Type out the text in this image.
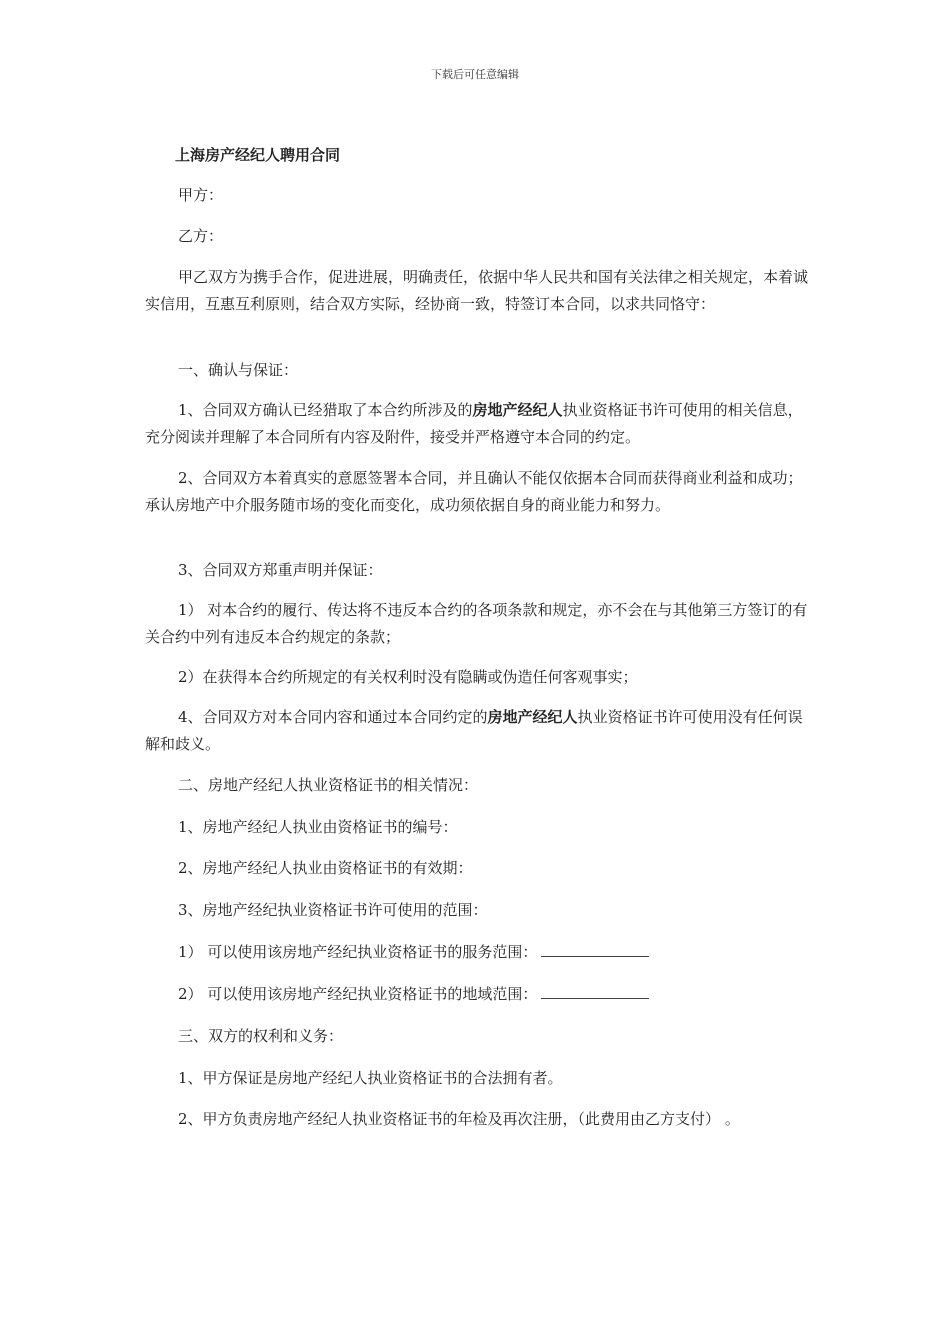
下载后可任意编辑

上海房产经纪人聘用合同

甲方：

乙方：

甲乙双方为携手合作，促进进展，明确责任，依据中华人民共和国有关法律之相关规定，本着诚实信用，互惠互利原则，结合双方实际，经协商一致，特签订本合同，以求共同恪守：

一、确认与保证：

1、合同双方确认已经猎取了本合约所涉及的房地产经纪人执业资格证书许可使用的相关信息，充分阅读并理解了本合同所有内容及附件，接受并严格遵守本合同的约定。

2、合同双方本着真实的意愿签署本合同，并且确认不能仅依据本合同而获得商业利益和成功；承认房地产中介服务随市场的变化而变化，成功须依据自身的商业能力和努力。

3、合同双方郑重声明并保证：

1） 对本合约的履行、传达将不违反本合约的各项条款和规定，亦不会在与其他第三方签订的有关合约中列有违反本合约规定的条款；

2）在获得本合约所规定的有关权利时没有隐瞒或伪造任何客观事实；

4、合同双方对本合同内容和通过本合同约定的房地产经纪人执业资格证书许可使用没有任何误解和歧义。

二、房地产经纪人执业资格证书的相关情况：

1、房地产经纪人执业由资格证书的编号：

2、房地产经纪人执业由资格证书的有效期：

3、房地产经纪执业资格证书许可使用的范围：

1） 可以使用该房地产经纪执业资格证书的服务范围：

2） 可以使用该房地产经纪执业资格证书的地域范围：

三、双方的权利和义务：

1、甲方保证是房地产经纪人执业资格证书的合法拥有者。

2、甲方负责房地产经纪人执业资格证书的年检及再次注册，（此费用由乙方支付） 。
